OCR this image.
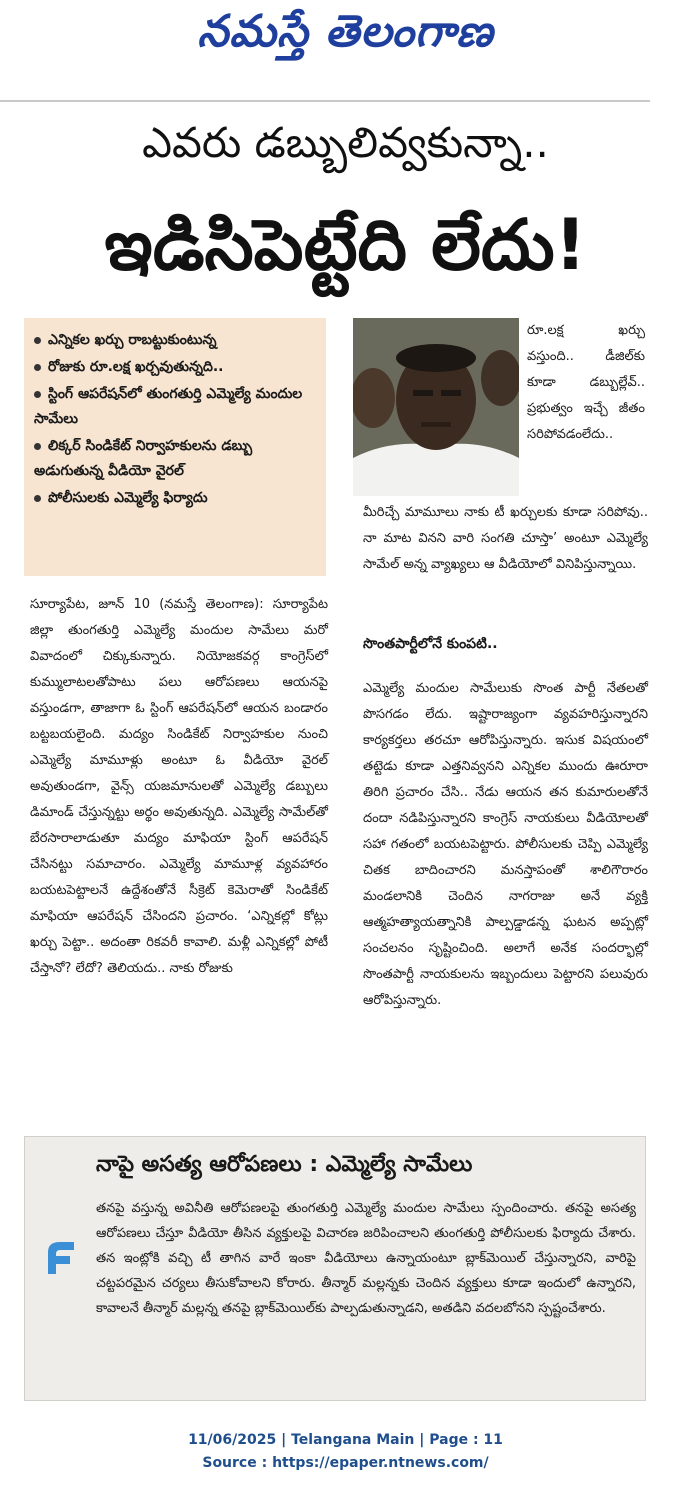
నమస్తే తెలంగాణ
ఎవరు డబ్బులివ్వకున్నా..
ఇడిసిపెట్టేది లేదు!
ఎన్నికల ఖర్చు రాబట్టుకుంటున్న
రోజుకు రూ.లక్ష ఖర్చవుతున్నది..
స్టింగ్ ఆపరేషన్‌లో తుంగతుర్తి ఎమ్మెల్యే మందుల సామేలు
లిక్కర్ సిండికేట్ నిర్వాహకులను డబ్బు అడుగుతున్న వీడియో వైరల్
పోలీసులకు ఎమ్మెల్యే ఫిర్యాదు
రూ.లక్ష ఖర్చు వస్తుంది.. డీజిల్‌కు కూడా డబ్బుల్లేవ్.. ప్రభుత్వం ఇచ్చే జీతం సరిపోవడంలేదు..
మీరిచ్చే మామూలు నాకు టీ ఖర్చులకు కూడా సరిపోవు.. నా మాట వినని వారి సంగతి చూస్తా’ అంటూ ఎమ్మెల్యే సామేల్ అన్న వ్యాఖ్యలు ఆ వీడియోలో వినిపిస్తున్నాయి.
సొంతపార్టీలోనే కుంపటి..
ఎమ్మెల్యే మందుల సామేలుకు సొంత పార్టీ నేతలతో పొసగడం లేదు. ఇష్టారాజ్యంగా వ్యవహరిస్తున్నారని కార్యకర్తలు తరచూ ఆరోపిస్తున్నారు. ఇసుక విషయంలో తట్టెడు కూడా ఎత్తనివ్వనని ఎన్నికల ముందు ఊరూరా తిరిగి ప్రచారం చేసి.. నేడు ఆయన తన కుమారులతోనే దందా నడిపిస్తున్నారని కాంగ్రెస్ నాయకులు వీడియోలతో సహా గతంలో బయటపెట్టారు. పోలీసులకు చెప్పి ఎమ్మెల్యే చితక బాదించారని మనస్తాపంతో శాలిగౌరారం మండలానికి చెందిన నాగరాజు అనే వ్యక్తి ఆత్మహత్యాయత్నానికి పాల్పడ్డాడన్న ఘటన అప్పట్లో సంచలనం సృష్టించింది. అలాగే అనేక సందర్భాల్లో సొంతపార్టీ నాయకులను ఇబ్బందులు పెట్టారని పలువురు ఆరోపిస్తున్నారు.
సూర్యాపేట, జూన్ 10 (నమస్తే తెలంగాణ): సూర్యాపేట జిల్లా తుంగతుర్తి ఎమ్మెల్యే మందుల సామేలు మరో వివాదంలో చిక్కుకున్నారు. నియోజకవర్గ కాంగ్రెస్‌లో కుమ్ములాటలతోపాటు పలు ఆరోపణలు ఆయనపై వస్తుండగా, తాజాగా ఓ స్టింగ్ ఆపరేషన్‌లో ఆయన బండారం బట్టబయలైంది. మద్యం సిండికేట్ నిర్వాహకుల నుంచి ఎమ్మెల్యే మామూళ్లు అంటూ ఓ వీడియో వైరల్ అవుతుండగా, వైన్స్ యజమానులతో ఎమ్మెల్యే డబ్బులు డిమాండ్ చేస్తున్నట్టు అర్థం అవుతున్నది. ఎమ్మెల్యే సామేల్‌తో బేరసారాలాడుతూ మద్యం మాఫియా స్టింగ్ ఆపరేషన్ చేసినట్టు సమాచారం. ఎమ్మెల్యే మామూళ్ల వ్యవహారం బయటపెట్టాలనే ఉద్దేశంతోనే సీక్రెట్ కెమెరాతో సిండికేట్ మాఫియా ఆపరేషన్ చేసిందని ప్రచారం. ‘ఎన్నికల్లో కోట్లు ఖర్చు పెట్టా.. అదంతా రికవరీ కావాలి. మళ్లీ ఎన్నికల్లో పోటీ చేస్తానో? లేదో? తెలియదు.. నాకు రోజుకు
నాపై అసత్య ఆరోపణలు : ఎమ్మెల్యే సామేలు
తనపై వస్తున్న అవినీతి ఆరోపణలపై తుంగతుర్తి ఎమ్మెల్యే మందుల సామేలు స్పందించారు. తనపై అసత్య ఆరోపణలు చేస్తూ వీడియో తీసిన వ్యక్తులపై విచారణ జరిపించాలని తుంగతుర్తి పోలీసులకు ఫిర్యాదు చేశారు. తన ఇంట్లోకి వచ్చి టీ తాగిన వారే ఇంకా వీడియోలు ఉన్నాయంటూ బ్లాక్‌మెయిల్ చేస్తున్నారని, వారిపై చట్టపరమైన చర్యలు తీసుకోవాలని కోరారు. తీన్మార్ మల్లన్నకు చెందిన వ్యక్తులు కూడా ఇందులో ఉన్నారని, కావాలనే తీన్మార్ మల్లన్న తనపై బ్లాక్‌మెయిల్‌కు పాల్పడుతున్నాడని, అతడిని వదలబోనని స్పష్టంచేశారు.
11/06/2025 | Telangana Main | Page : 11
Source : https://epaper.ntnews.com/
